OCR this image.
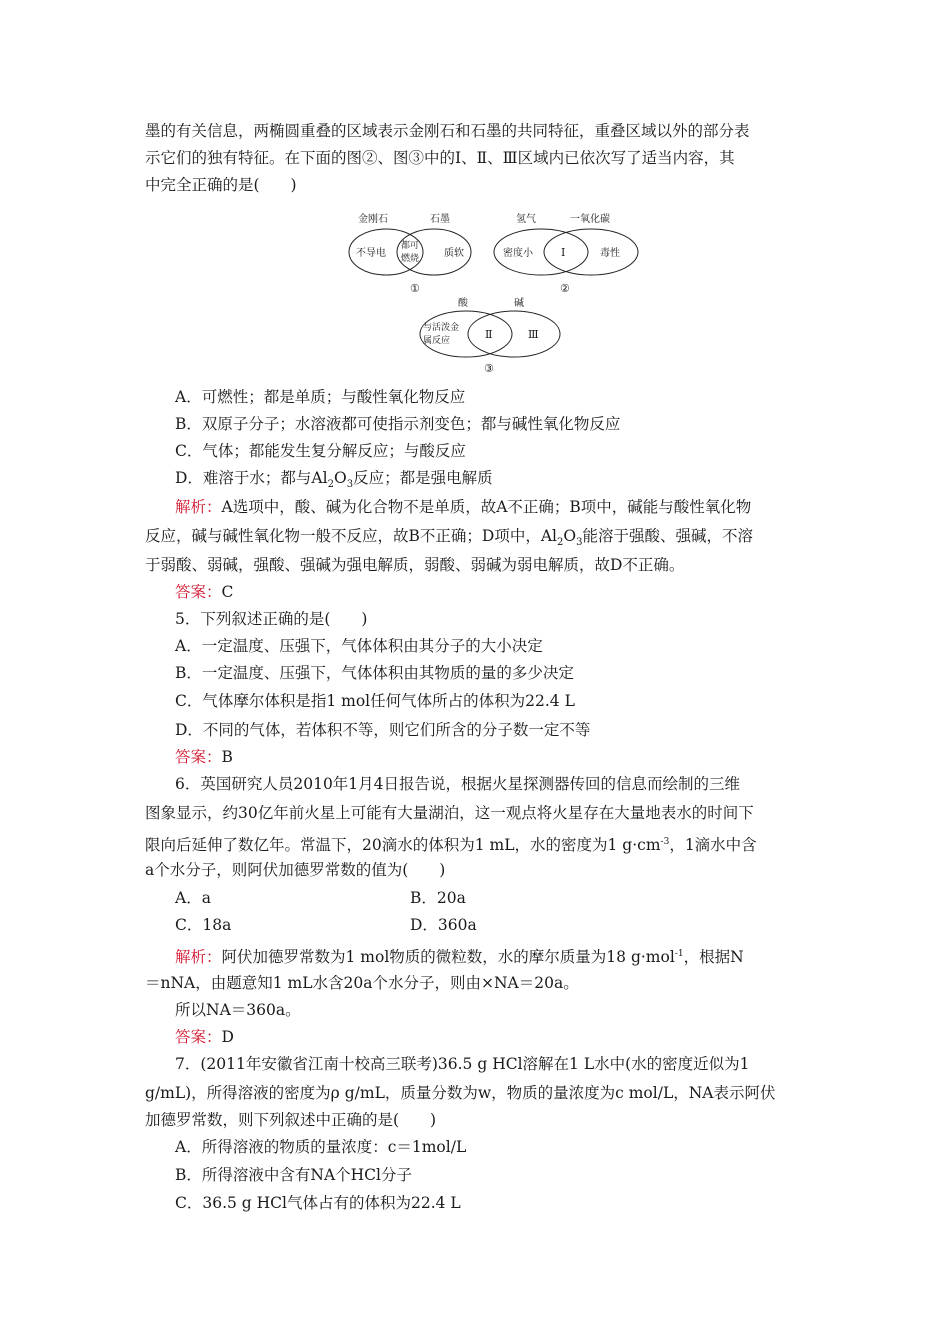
墨的有关信息，两椭圆重叠的区域表示金刚石和石墨的共同特征，重叠区域以外的部分表
示它们的独有特征。在下面的图②、图③中的Ⅰ、Ⅱ、Ⅲ区域内已依次写了适当内容，其
中完全正确的是(　　)
金刚石	石墨
不导电
都可
燃烧 质软
①
氢气	一氧化碳
密度小	Ⅰ	毒性
②
酸	碱
与活泼金
属反应	Ⅱ	Ⅲ
③
A．可燃性；都是单质；与酸性氧化物反应
B．双原子分子；水溶液都可使指示剂变色；都与碱性氧化物反应
C．气体；都能发生复分解反应；与酸反应
D．难溶于水；都与$Al_2O_3$反应；都是强电解质
解析：A选项中，酸、碱为化合物不是单质，故A不正确；B项中，碱能与酸性氧化物
反应，碱与碱性氧化物一般不反应，故B不正确；D项中，$Al_2O_3$能溶于强酸、强碱，不溶
于弱酸、弱碱，强酸、强碱为强电解质，弱酸、弱碱为弱电解质，故D不正确。
答案：C
5．下列叙述正确的是(　　)
A．一定温度、压强下，气体体积由其分子的大小决定
B．一定温度、压强下，气体体积由其物质的量的多少决定
C．气体摩尔体积是指1 mol任何气体所占的体积为22.4 L
D．不同的气体，若体积不等，则它们所含的分子数一定不等
答案：B
6．英国研究人员2010年1月4日报告说，根据火星探测器传回的信息而绘制的三维
图象显示，约30亿年前火星上可能有大量湖泊，这一观点将火星存在大量地表水的时间下
限向后延伸了数亿年。常温下，20滴水的体积为1 mL，水的密度为1 $g\cdot cm^{-3}$，1滴水中含
a个水分子，则阿伏加德罗常数的值为(　　)
A．a	B．20a
C．18a	D．360a
解析：阿伏加德罗常数为1 mol物质的微粒数，水的摩尔质量为18 g·mol$^{-1}$，根据N
＝nNA，由题意知1 mL水含20a个水分子，则由×NA＝20a。
所以NA＝360a。
答案：D
7．(2011年安徽省江南十校高三联考)36.5 g HCl溶解在1 L水中(水的密度近似为1
g/mL)，所得溶液的密度为ρ g/mL，质量分数为w，物质的量浓度为c mol/L，NA表示阿伏
加德罗常数，则下列叙述中正确的是(　　)
A．所得溶液的物质的量浓度：c＝1mol/L
B．所得溶液中含有NA个HCl分子
C．36.5 g HCl气体占有的体积为22.4 L
